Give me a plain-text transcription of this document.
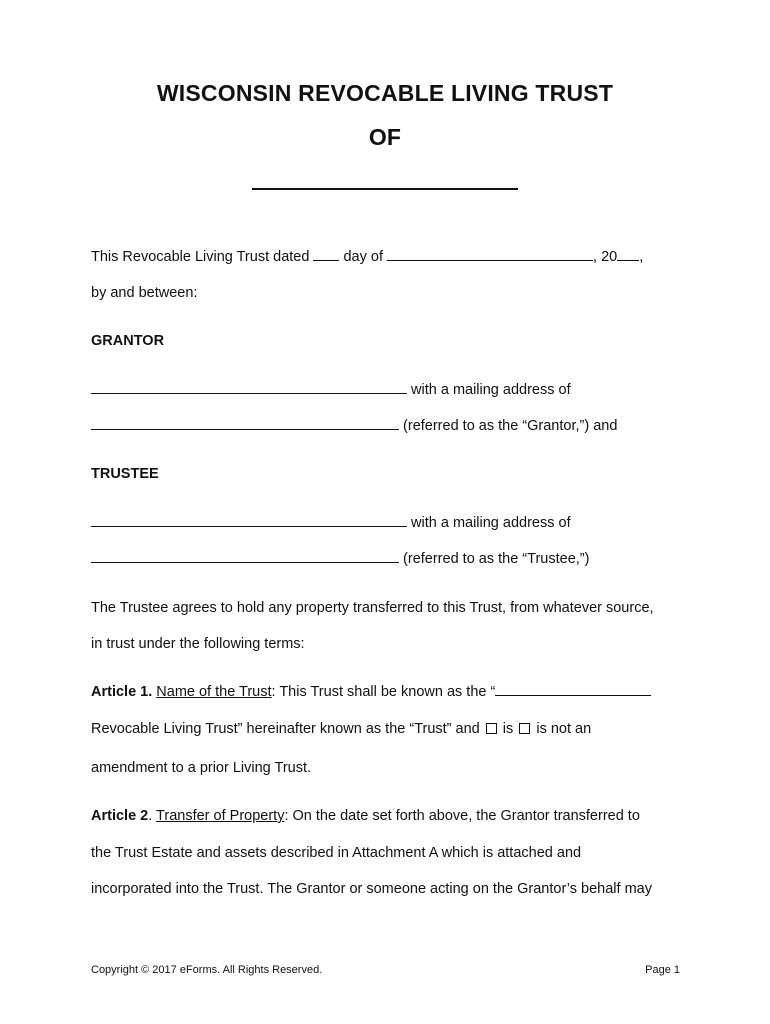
WISCONSIN REVOCABLE LIVING TRUST
OF
This Revocable Living Trust dated day of	, 20 ,
by and between:
GRANTOR
with a mailing address of
(referred to as the “Grantor,”) and
TRUSTEE
with a mailing address of
(referred to as the “Trustee,”)
The Trustee agrees to hold any property transferred to this Trust, from whatever source,
in trust under the following terms:
Article 1. Name of the Trust: This Trust shall be known as the “
Revocable Living Trust” hereinafter known as the “Trust” and is is not an
amendment to a prior Living Trust.
Article 2. Transfer of Property: On the date set forth above, the Grantor transferred to
the Trust Estate and assets described in Attachment A which is attached and
incorporated into the Trust. The Grantor or someone acting on the Grantor’s behalf may
Copyright © 2017 eForms. All Rights Reserved.	Page 1
